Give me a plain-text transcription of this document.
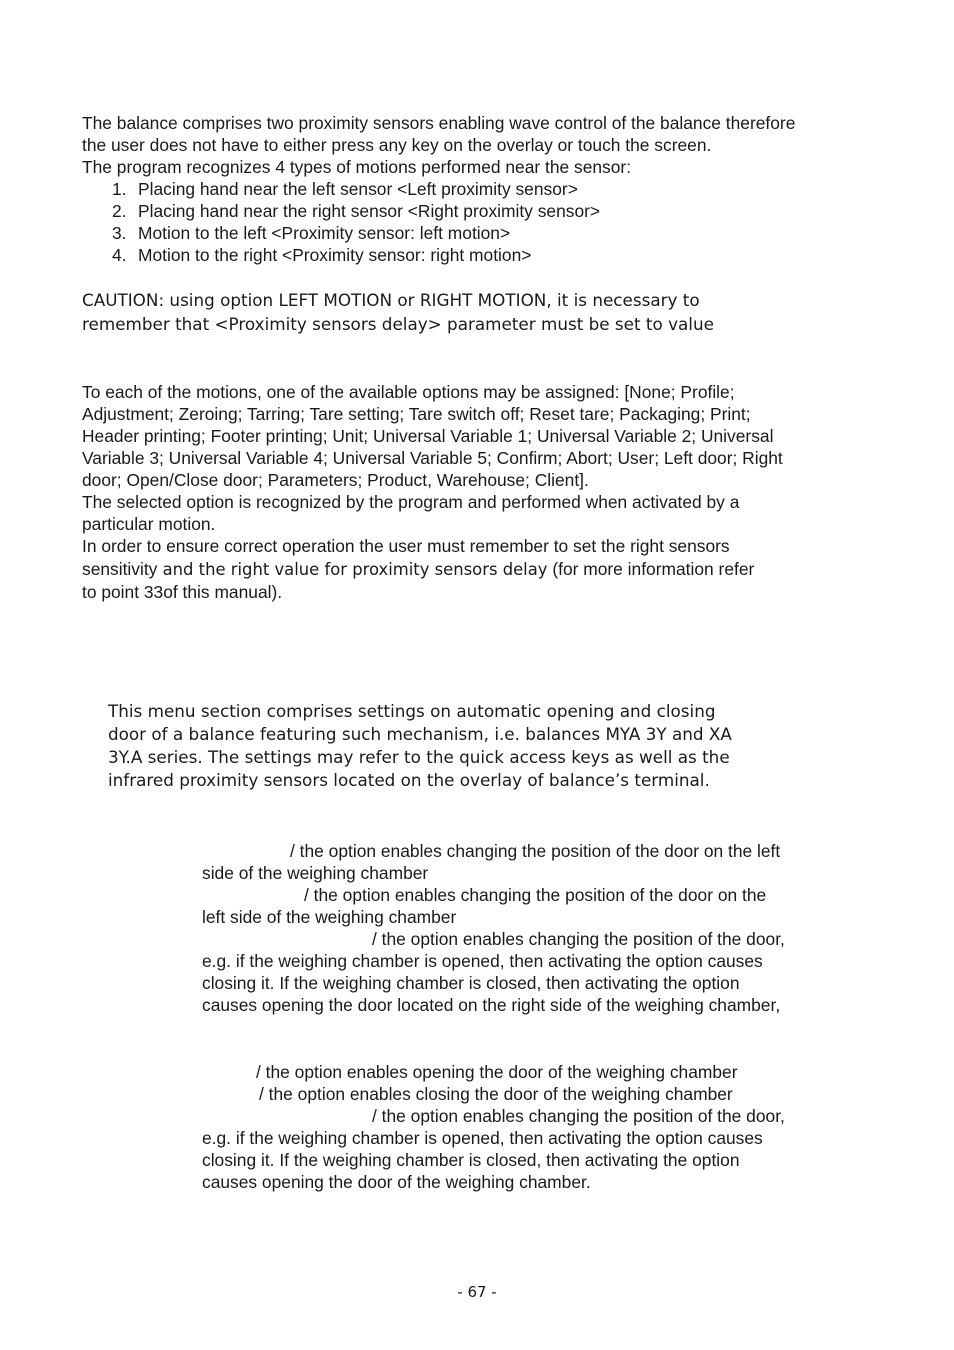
The balance comprises two proximity sensors enabling wave control of the balance therefore

the user does not have to either press any key on the overlay or touch the screen.

The program recognizes 4 types of motions performed near the sensor:

1. Placing hand near the left sensor <Left proximity sensor>

2. Placing hand near the right sensor <Right proximity sensor>

3. Motion to the left <Proximity sensor: left motion>

4. Motion to the right <Proximity sensor: right motion>

CAUTION: using option LEFT MOTION or RIGHT MOTION, it is necessary to

remember that <Proximity sensors delay> parameter must be set to value

To each of the motions, one of the available options may be assigned: [None; Profile;

Adjustment; Zeroing; Tarring; Tare setting; Tare switch off; Reset tare; Packaging; Print;

Header printing; Footer printing; Unit; Universal Variable 1; Universal Variable 2; Universal

Variable 3; Universal Variable 4; Universal Variable 5; Confirm; Abort; User; Left door; Right

door; Open/Close door; Parameters; Product, Warehouse; Client].

The selected option is recognized by the program and performed when activated by a

particular motion.

In order to ensure correct operation the user must remember to set the right sensors

sensitivity and the right value for proximity sensors delay (for more information refer

to point 33of this manual).

This menu section comprises settings on automatic opening and closing

door of a balance featuring such mechanism, i.e. balances MYA 3Y and XA

3Y.A series. The settings may refer to the quick access keys as well as the

infrared proximity sensors located on the overlay of balance’s terminal.

/ the option enables changing the position of the door on the left

side of the weighing chamber

/ the option enables changing the position of the door on the

left side of the weighing chamber

/ the option enables changing the position of the door,

e.g. if the weighing chamber is opened, then activating the option causes

closing it. If the weighing chamber is closed, then activating the option

causes opening the door located on the right side of the weighing chamber,

/ the option enables opening the door of the weighing chamber

/ the option enables closing the door of the weighing chamber

/ the option enables changing the position of the door,

e.g. if the weighing chamber is opened, then activating the option causes

closing it. If the weighing chamber is closed, then activating the option

causes opening the door of the weighing chamber.

- 67 -
